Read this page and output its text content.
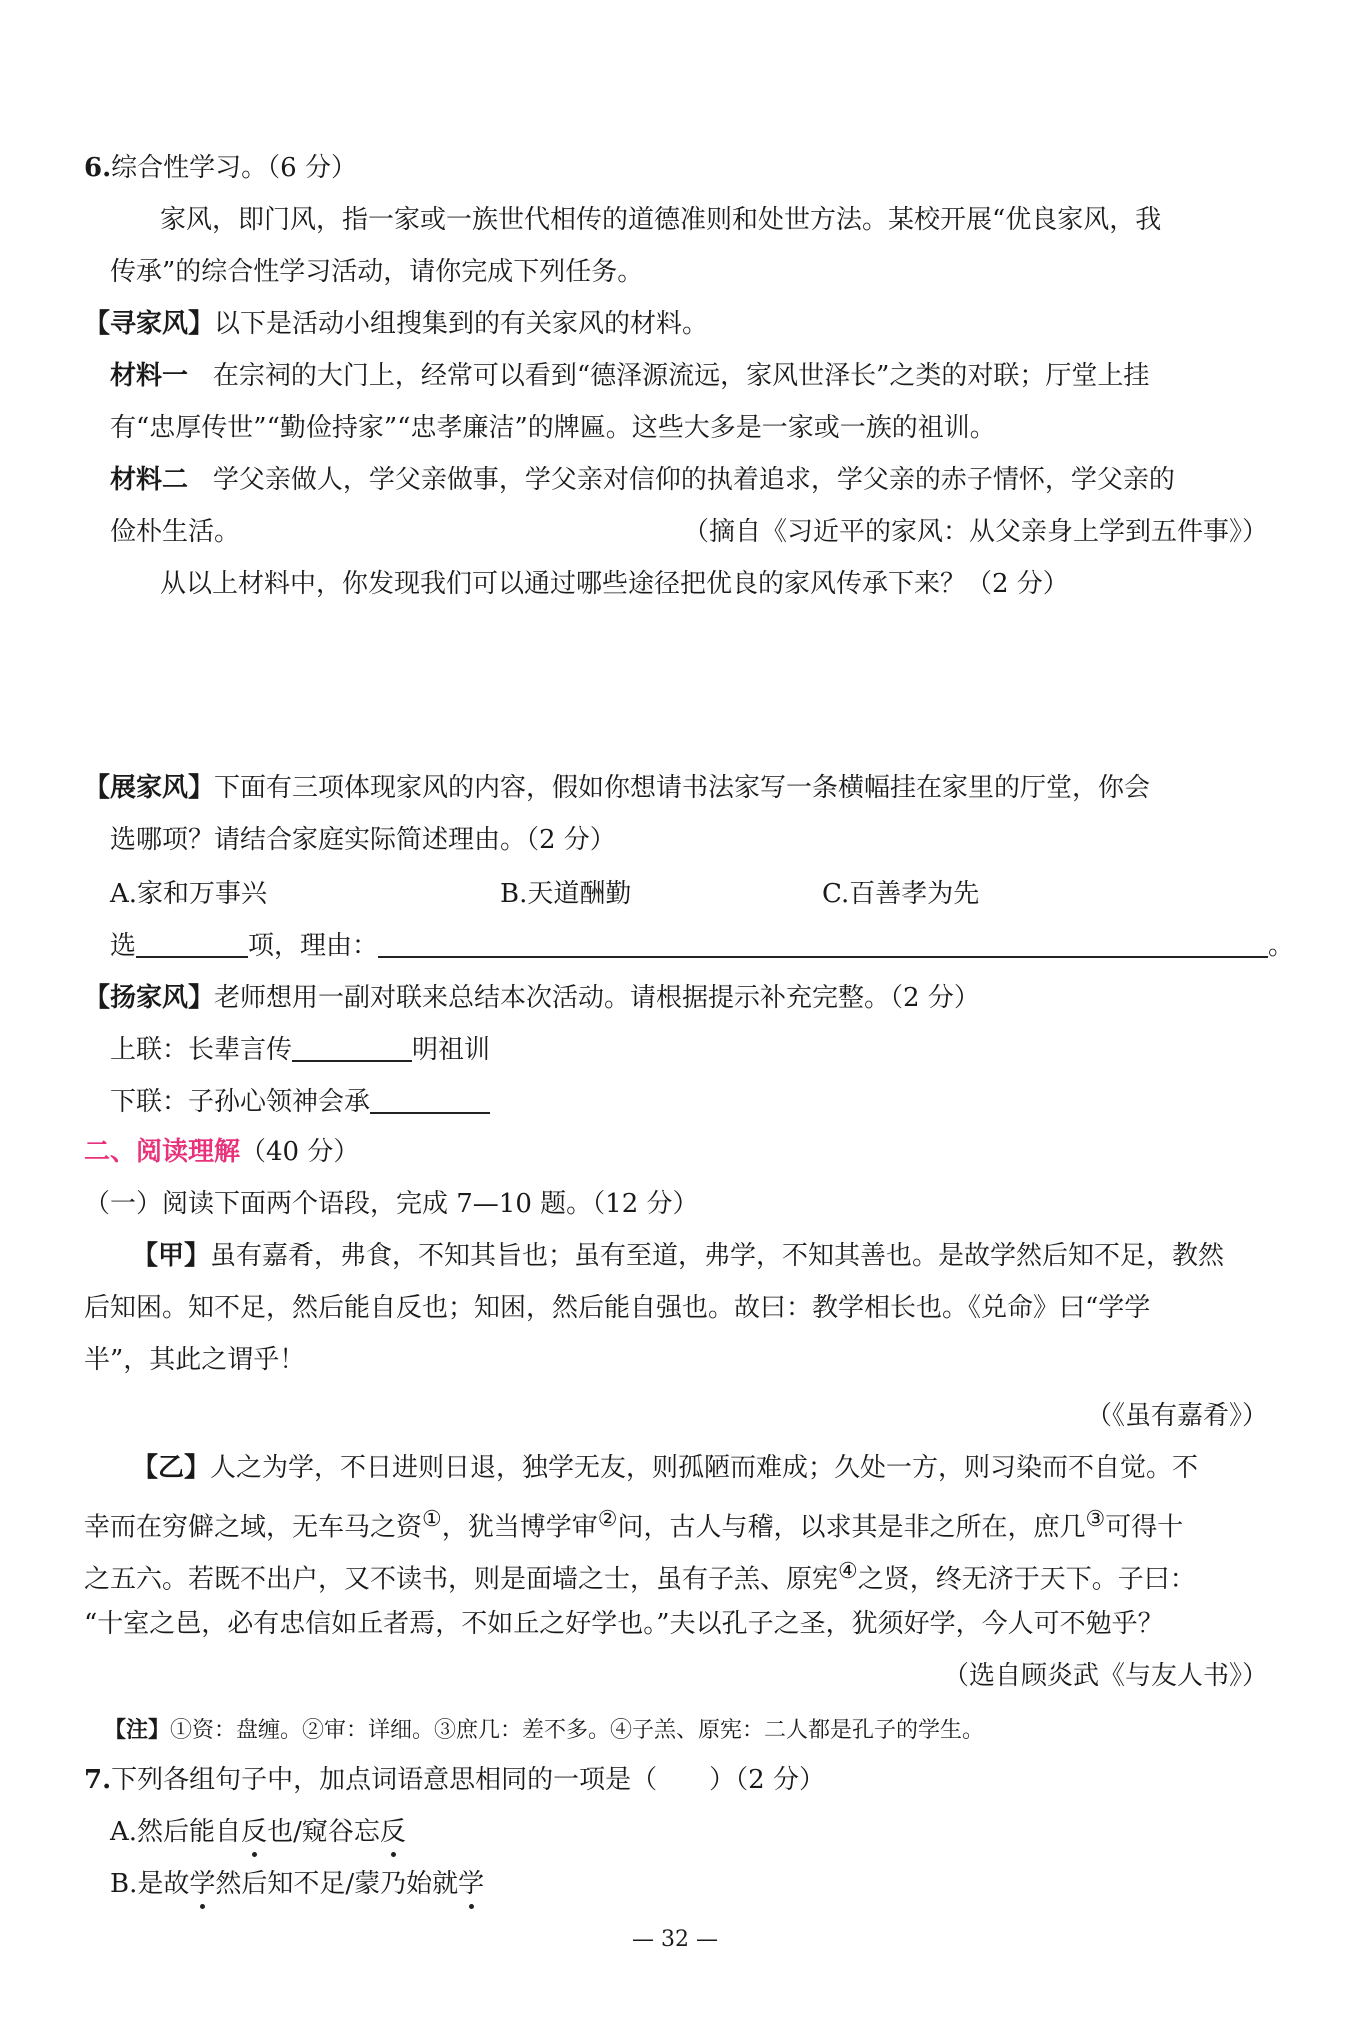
6.综合性学习。（6 分）
家风，即门风，指一家或一族世代相传的道德准则和处世方法。某校开展“优良家风，我
传承”的综合性学习活动，请你完成下列任务。
【寻家风】以下是活动小组搜集到的有关家风的材料。
材料一 在宗祠的大门上，经常可以看到“德泽源流远，家风世泽长”之类的对联；厅堂上挂
有“忠厚传世”“勤俭持家”“忠孝廉洁”的牌匾。这些大多是一家或一族的祖训。
材料二 学父亲做人，学父亲做事，学父亲对信仰的执着追求，学父亲的赤子情怀，学父亲的
俭朴生活。	（摘自《习近平的家风：从父亲身上学到五件事》）
从以上材料中，你发现我们可以通过哪些途径把优良的家风传承下来？（2 分）
【展家风】下面有三项体现家风的内容，假如你想请书法家写一条横幅挂在家里的厅堂，你会
选哪项？请结合家庭实际简述理由。（2 分）
A.家和万事兴	B.天道酬勤	C.百善孝为先
选	项，理由：	。
【扬家风】老师想用一副对联来总结本次活动。请根据提示补充完整。（2 分）
上联：长辈言传	明祖训
下联：子孙心领神会承
二、阅读理解（40 分）
（一）阅读下面两个语段，完成 7—10 题。（12 分）
【甲】虽有嘉肴，弗食，不知其旨也；虽有至道，弗学，不知其善也。是故学然后知不足，教然
后知困。知不足，然后能自反也；知困，然后能自强也。故曰：教学相长也。《兑命》曰“学学
半”，其此之谓乎！
（《虽有嘉肴》）
【乙】人之为学，不日进则日退，独学无友，则孤陋而难成；久处一方，则习染而不自觉。不
幸而在穷僻之域，无车马之资①，犹当博学审②问，古人与稽，以求其是非之所在，庶几③可得十
之五六。若既不出户，又不读书，则是面墙之士，虽有子羔、原宪④之贤，终无济于天下。子曰：
“十室之邑，必有忠信如丘者焉，不如丘之好学也。”夫以孔子之圣，犹须好学，今人可不勉乎？
（选自顾炎武《与友人书》）
【注】①资：盘缠。②审：详细。③庶几：差不多。④子羔、原宪：二人都是孔子的学生。
7.下列各组句子中，加点词语意思相同的一项是（　　）（2 分）
A.然后能自反也/窥谷忘反
B.是故学然后知不足/蒙乃始就学
— 32 —
